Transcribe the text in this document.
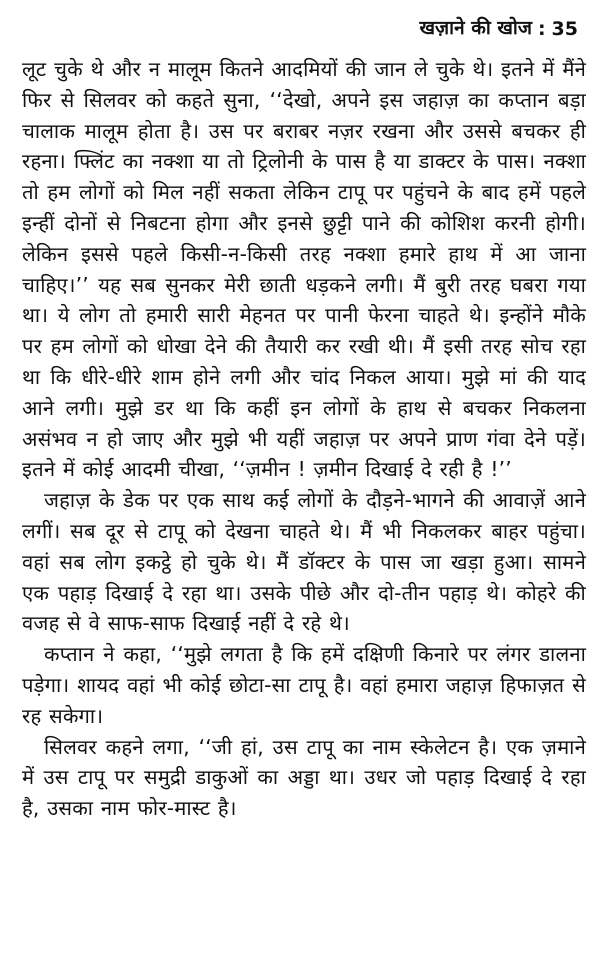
खज़ाने की खोज : 35

लूट चुके थे और न मालूम कितने आदमियों की जान ले चुके थे। इतने में मैंने फिर से सिलवर को कहते सुना, ‘‘देखो, अपने इस जहाज़ का कप्तान बड़ा चालाक मालूम होता है। उस पर बराबर नज़र रखना और उससे बचकर ही रहना। फ्लिंट का नक्शा या तो ट्रिलोनी के पास है या डाक्टर के पास। नक्शा तो हम लोगों को मिल नहीं सकता लेकिन टापू पर पहुंचने के बाद हमें पहले इन्हीं दोनों से निबटना होगा और इनसे छुट्टी पाने की कोशिश करनी होगी। लेकिन इससे पहले किसी-न-किसी तरह नक्शा हमारे हाथ में आ जाना चाहिए।’’ यह सब सुनकर मेरी छाती धड़कने लगी। मैं बुरी तरह घबरा गया था। ये लोग तो हमारी सारी मेहनत पर पानी फेरना चाहते थे। इन्होंने मौके पर हम लोगों को धोखा देने की तैयारी कर रखी थी। मैं इसी तरह सोच रहा था कि धीरे-धीरे शाम होने लगी और चांद निकल आया। मुझे मां की याद आने लगी। मुझे डर था कि कहीं इन लोगों के हाथ से बचकर निकलना असंभव न हो जाए और मुझे भी यहीं जहाज़ पर अपने प्राण गंवा देने पड़ें। इतने में कोई आदमी चीखा, ‘‘ज़मीन ! ज़मीन दिखाई दे रही है !’’

जहाज़ के डेक पर एक साथ कई लोगों के दौड़ने-भागने की आवाज़ें आने लगीं। सब दूर से टापू को देखना चाहते थे। मैं भी निकलकर बाहर पहुंचा। वहां सब लोग इकट्ठे हो चुके थे। मैं डॉक्टर के पास जा खड़ा हुआ। सामने एक पहाड़ दिखाई दे रहा था। उसके पीछे और दो-तीन पहाड़ थे। कोहरे की वजह से वे साफ-साफ दिखाई नहीं दे रहे थे।

कप्तान ने कहा, ‘‘मुझे लगता है कि हमें दक्षिणी किनारे पर लंगर डालना पड़ेगा। शायद वहां भी कोई छोटा-सा टापू है। वहां हमारा जहाज़ हिफाज़त से रह सकेगा।

सिलवर कहने लगा, ‘‘जी हां, उस टापू का नाम स्केलेटन है। एक ज़माने में उस टापू पर समुद्री डाकुओं का अड्डा था। उधर जो पहाड़ दिखाई दे रहा है, उसका नाम फोर-मास्ट है।
